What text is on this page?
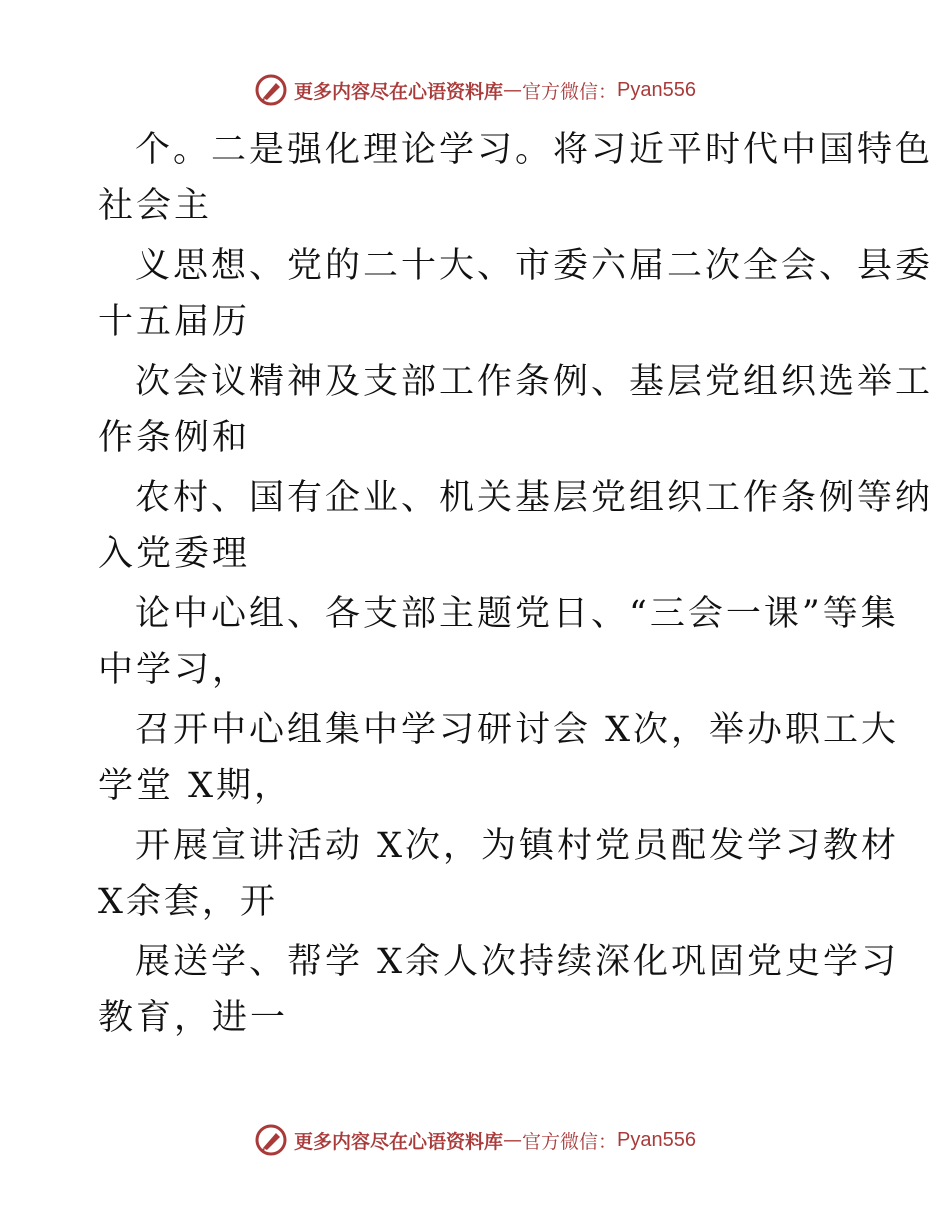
更多内容尽在心语资料库 — 官方微信： Pyan556

个。二是强化理论学习。将习近平时代中国特色
社会主

义思想、党的二十大、市委六届二次全会、县委
十五届历

次会议精神及支部工作条例、基层党组织选举工
作条例和

农村、国有企业、机关基层党组织工作条例等纳
入党委理

论中心组、各支部主题党日、“三会一课”等集
中学习，

召开中心组集中学习研讨会 X次，举办职工大
学堂 X期，

开展宣讲活动 X次，为镇村党员配发学习教材
X余套，开

展送学、帮学 X余人次持续深化巩固党史学习
教育，进一

更多内容尽在心语资料库 — 官方微信： Pyan556
